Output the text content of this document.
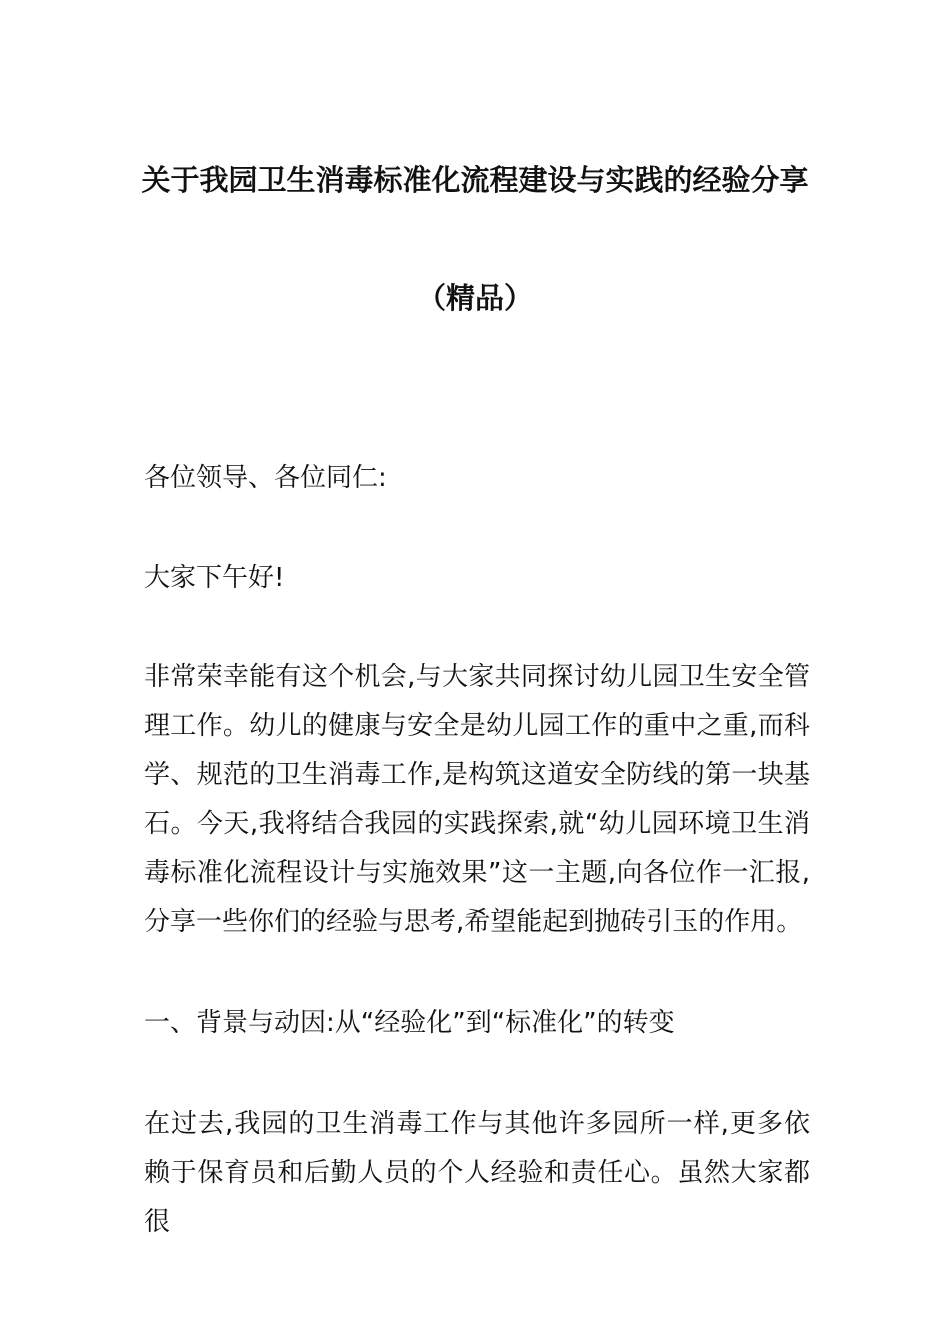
关于我园卫生消毒标准化流程建设与实践的经验分享
（精品）

各位领导、各位同仁:

大家下午好!

非常荣幸能有这个机会,与大家共同探讨幼儿园卫生安全管理工作。幼儿的健康与安全是幼儿园工作的重中之重,而科学、规范的卫生消毒工作,是构筑这道安全防线的第一块基石。今天,我将结合我园的实践探索,就“幼儿园环境卫生消毒标准化流程设计与实施效果”这一主题,向各位作一汇报,分享一些你们的经验与思考,希望能起到抛砖引玉的作用。

一、背景与动因:从“经验化”到“标准化”的转变

在过去,我园的卫生消毒工作与其他许多园所一样,更多依赖于保育员和后勤人员的个人经验和责任心。虽然大家都很
